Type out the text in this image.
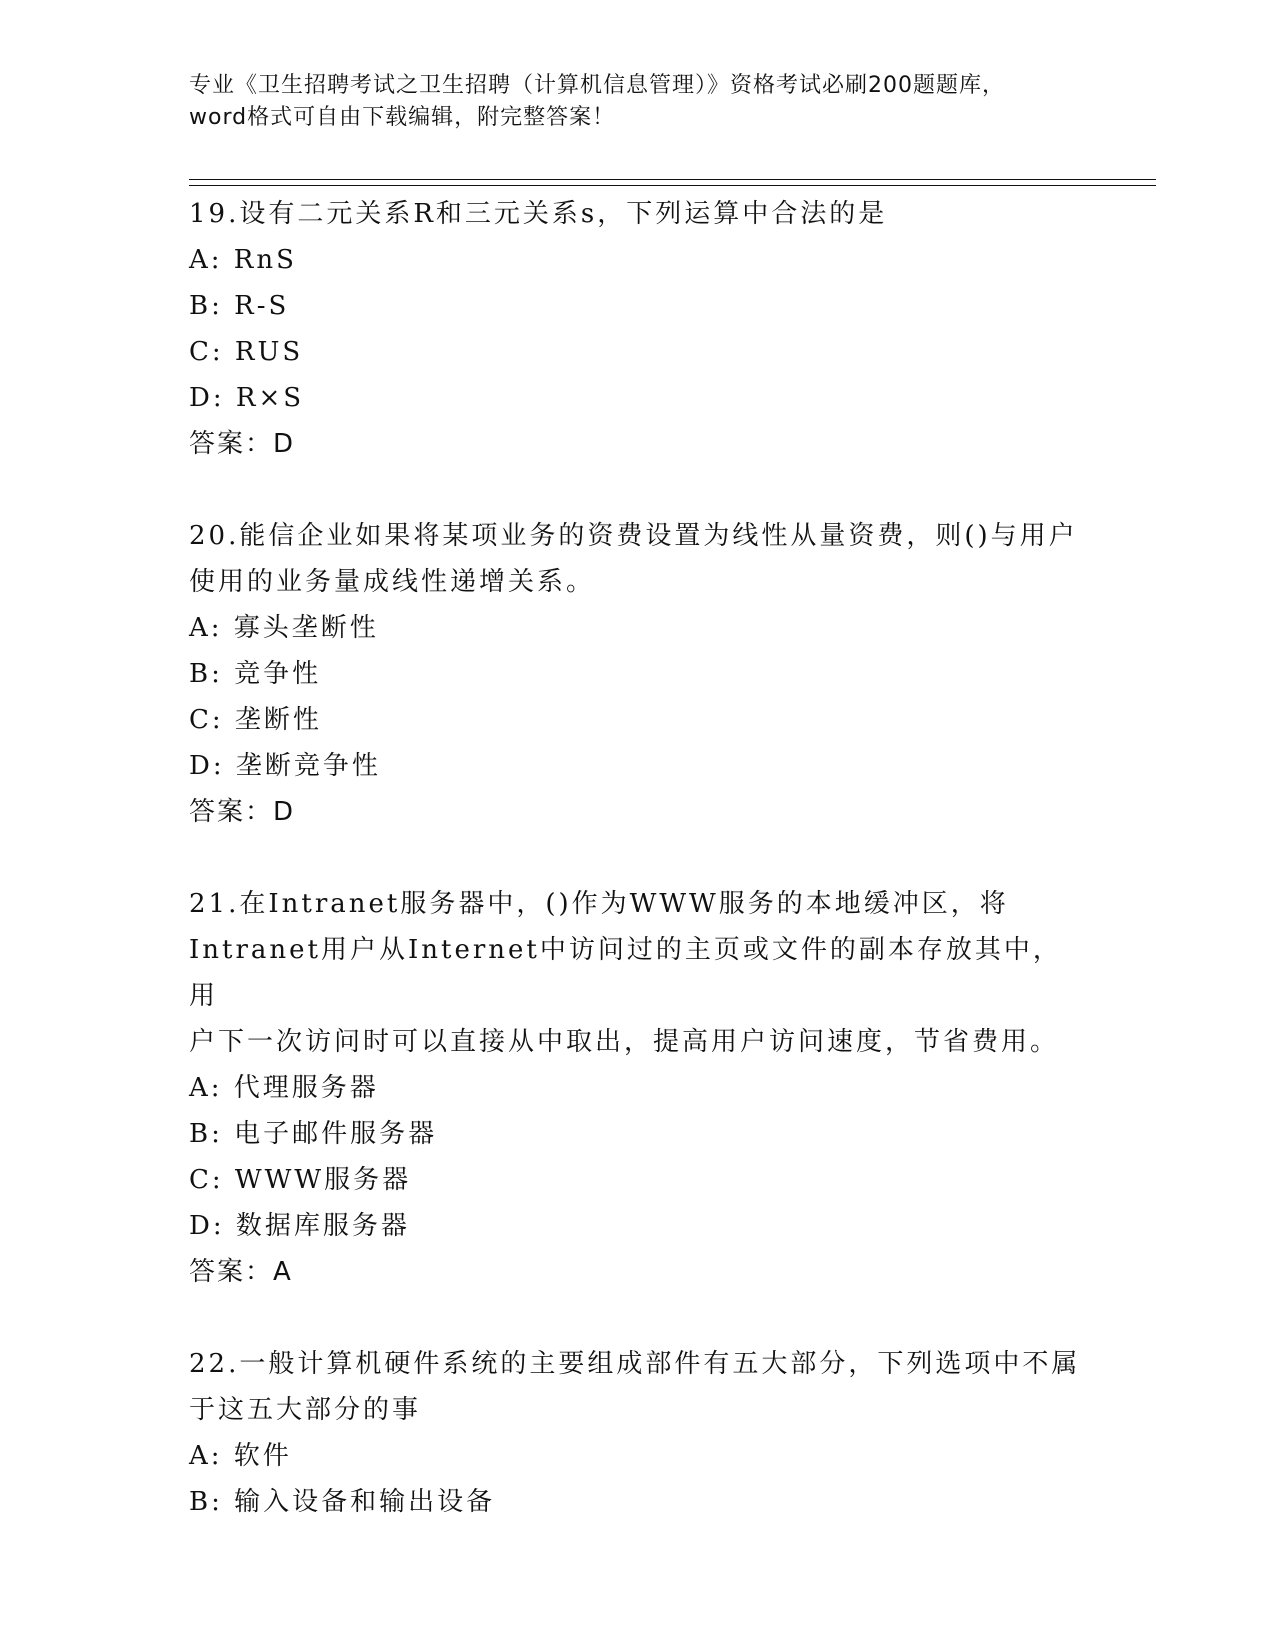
专业《卫生招聘考试之卫生招聘（计算机信息管理）》资格考试必刷200题题库，
word格式可自由下载编辑，附完整答案！
19.设有二元关系R和三元关系s，下列运算中合法的是
A: RnS
B: R-S
C: RUS
D: R×S
答案：D
20.能信企业如果将某项业务的资费设置为线性从量资费，则()与用户
使用的业务量成线性递增关系。
A: 寡头垄断性
B: 竞争性
C: 垄断性
D: 垄断竞争性
答案：D
21.在Intranet服务器中，()作为WWW服务的本地缓冲区，将
Intranet用户从Internet中访问过的主页或文件的副本存放其中，用
户下一次访问时可以直接从中取出，提高用户访问速度，节省费用。
A: 代理服务器
B: 电子邮件服务器
C: WWW服务器
D: 数据库服务器
答案：A
22.一般计算机硬件系统的主要组成部件有五大部分，下列选项中不属
于这五大部分的事
A: 软件
B: 输入设备和输出设备
